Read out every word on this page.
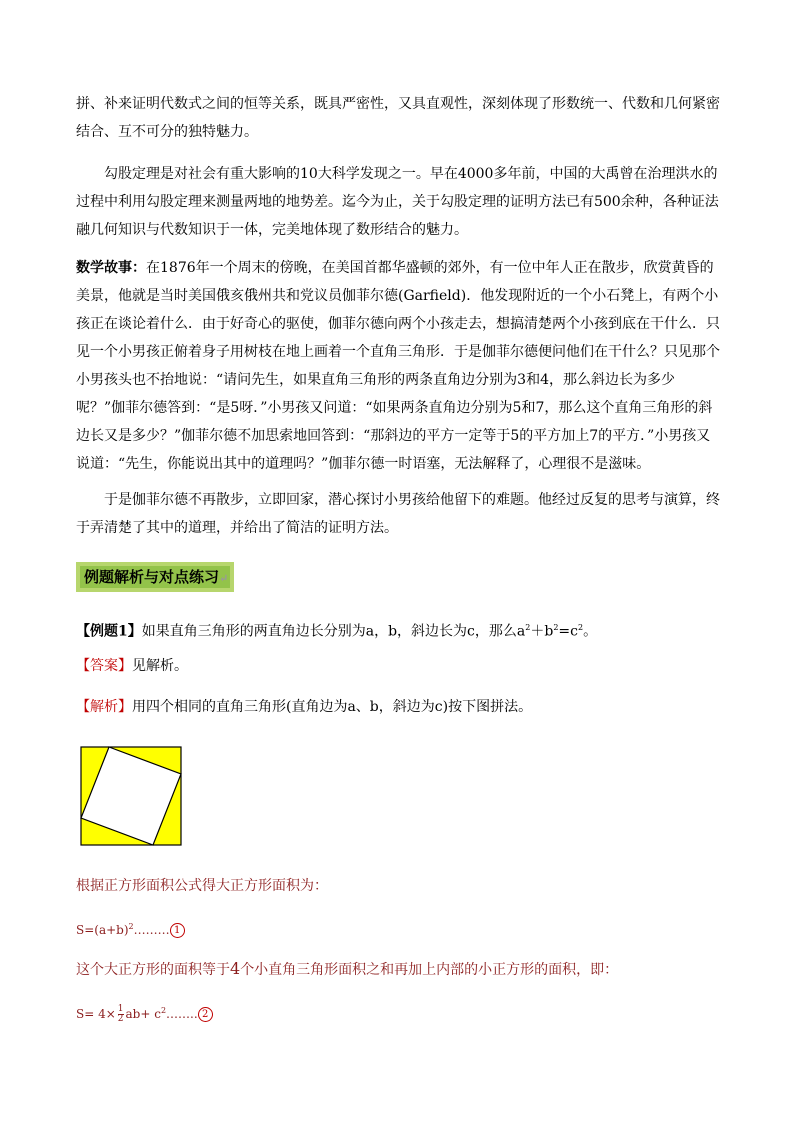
拼、补来证明代数式之间的恒等关系，既具严密性，又具直观性，深刻体现了形数统一、代数和几何紧密结合、互不可分的独特魅力。

勾股定理是对社会有重大影响的10大科学发现之一。早在4000多年前，中国的大禹曾在治理洪水的过程中利用勾股定理来测量两地的地势差。迄今为止，关于勾股定理的证明方法已有500余种，各种证法融几何知识与代数知识于一体，完美地体现了数形结合的魅力。

数学故事：在1876年一个周末的傍晚，在美国首都华盛顿的郊外，有一位中年人正在散步，欣赏黄昏的美景，他就是当时美国俄亥俄州共和党议员伽菲尔德(Garfield)．他发现附近的一个小石凳上，有两个小孩正在谈论着什么．由于好奇心的驱使，伽菲尔德向两个小孩走去，想搞清楚两个小孩到底在干什么．只见一个小男孩正俯着身子用树枝在地上画着一个直角三角形．于是伽菲尔德便问他们在干什么？只见那个小男孩头也不抬地说：“请问先生，如果直角三角形的两条直角边分别为3和4，那么斜边长为多少呢？”伽菲尔德答到：“是5呀．”小男孩又问道：“如果两条直角边分别为5和7，那么这个直角三角形的斜边长又是多少？”伽菲尔德不加思索地回答到：“那斜边的平方一定等于5的平方加上7的平方．”小男孩又说道：“先生，你能说出其中的道理吗？”伽菲尔德一时语塞，无法解释了，心理很不是滋味。

于是伽菲尔德不再散步，立即回家，潜心探讨小男孩给他留下的难题。他经过反复的思考与演算，终于弄清楚了其中的道理，并给出了简洁的证明方法。

例题解析与对点练习↵
【例题1】如果直角三角形的两直角边长分别为a，b，斜边长为c，那么$a^2+b^2=c^2$。
【答案】见解析。
【解析】用四个相同的直角三角形(直角边为a、b，斜边为c)按下图拼法。
根据正方形面积公式得大正方形面积为：
$S=(a+b)^2\dots\dots\dots$ 1
这个大正方形的面积等于4个小直角三角形面积之和再加上内部的小正方形的面积，即：
$S= 4\times \frac{1}{2} ab+$ $c^2\dots\dots$.. 2
